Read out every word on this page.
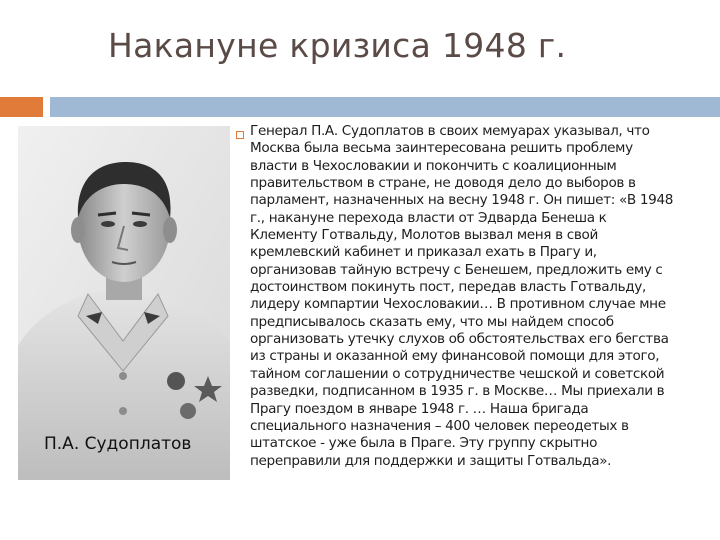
Накануне кризиса 1948 г.
П.А. Судоплатов
Генерал П.А. Судоплатов в своих мемуарах указывал, что
Москва была весьма заинтересована решить проблему
власти в Чехословакии и покончить с коалиционным
правительством в стране, не доводя дело до выборов в
парламент, назначенных на весну 1948 г. Он пишет: «В 1948
г., накануне перехода власти от Эдварда Бенеша к
Клементу Готвальду, Молотов вызвал меня в свой
кремлевский кабинет и приказал ехать в Прагу и,
организовав тайную встречу с Бенешем, предложить ему с
достоинством покинуть пост, передав власть Готвальду,
лидеру компартии Чехословакии… В противном случае мне
предписывалось сказать ему, что мы найдем способ
организовать утечку слухов об обстоятельствах его бегства
из страны и оказанной ему финансовой помощи для этого,
тайном соглашении о сотрудничестве чешской и советской
разведки, подписанном в 1935 г. в Москве… Мы приехали в
Прагу поездом в январе 1948 г. … Наша бригада
специального назначения – 400 человек переодетых в
штатское - уже была в Праге. Эту группу скрытно
переправили для поддержки и защиты Готвальда».
